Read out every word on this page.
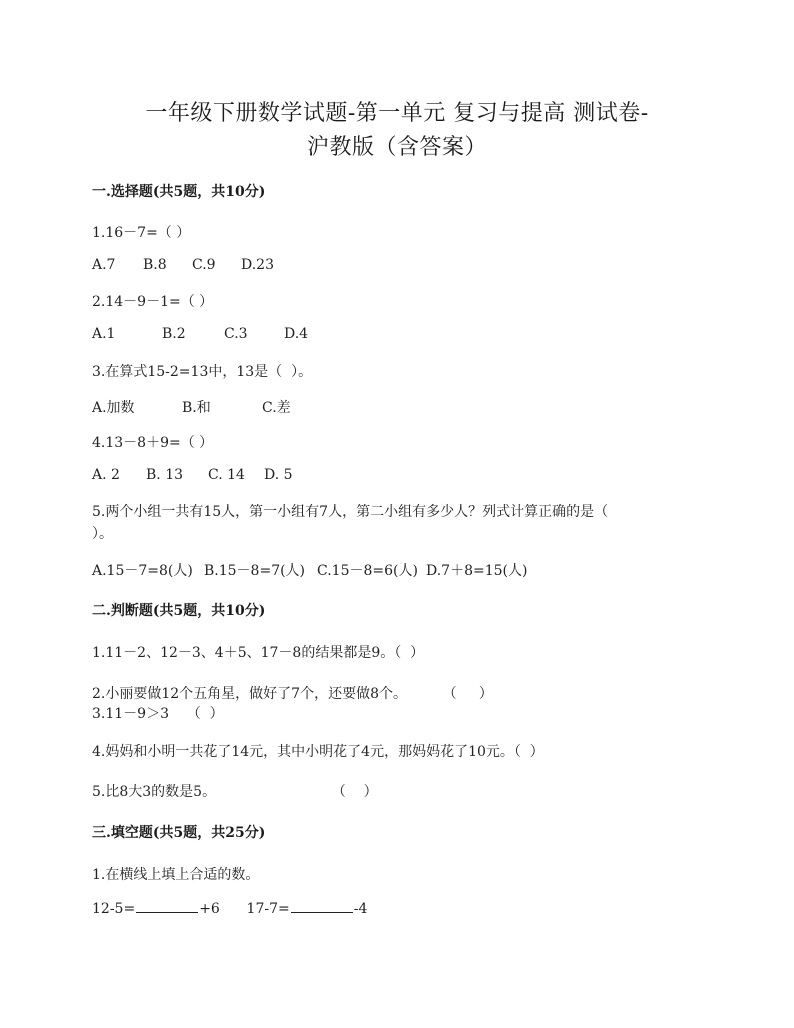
一年级下册数学试题-第一单元 复习与提高 测试卷-
沪教版（含答案）
一.选择题(共5题，共10分)
1.16－7=（ ）
A.7 B.8 C.9 D.23
2.14－9－1=（ ）
A.1	B.2	C.3	D.4
3.在算式15-2=13中，13是（  ）。
A.加数	B.和	C.差
4.13－8＋9=（ ）
A. 2 B. 13 C. 14 D. 5
5.两个小组一共有15人，第一小组有7人，第二小组有多少人？列式计算正确的是（
）。
A.15－7=8(人) B.15－8=7(人) C.15－8=6(人) D.7＋8=15(人)
二.判断题(共5题，共10分)
1.11－2、12－3、4＋5、17－8的结果都是9。（  ）
2.小丽要做12个五角星，做好了7个，还要做8个。        （     ）
3.11－9＞3    （  ）
4.妈妈和小明一共花了14元，其中小明花了4元，那妈妈花了10元。（  ）
5.比8大3的数是5。                          （    ）
三.填空题(共5题，共25分)
1.在横线上填上合适的数。
12-5=	+6 17-7=	-4
